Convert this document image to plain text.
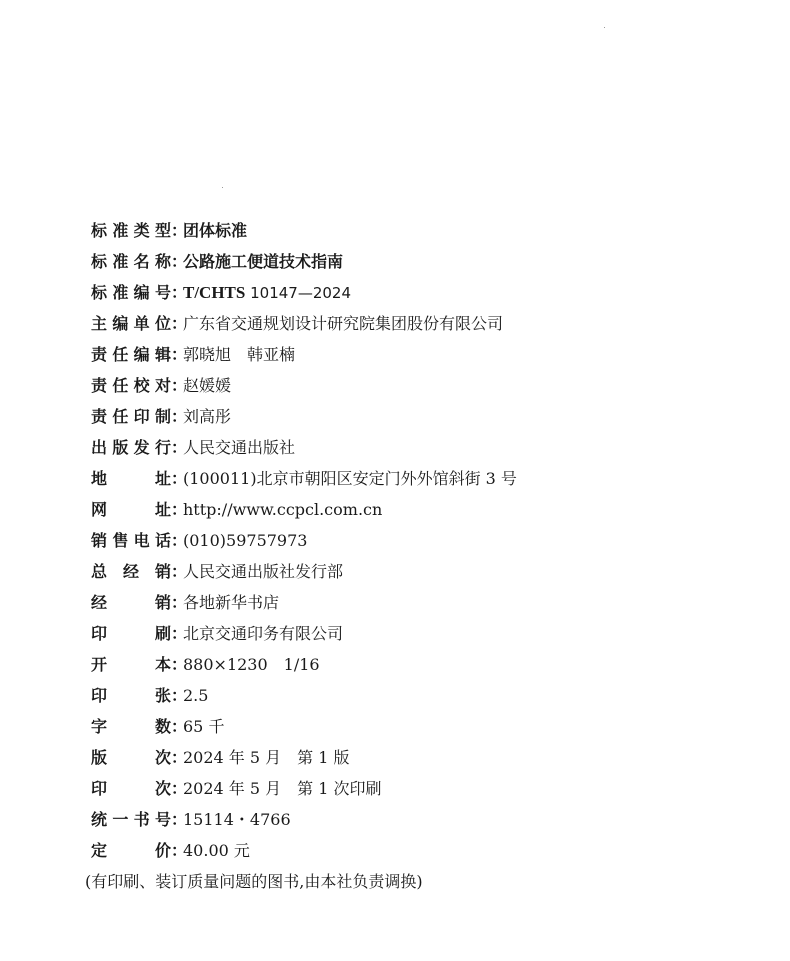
标 准 类 型 ：
团体标准
标 准 名 称 ：
公路施工便道技术指南
标 准 编 号 ：
T/CHTS 10147—2024
主 编 单 位 ：
广东省交通规划设计研究院集团股份有限公司
责 任 编 辑 ：
郭晓旭　韩亚楠
责 任 校 对 ：
赵媛媛
责 任 印 制 ：
刘高彤
出 版 发 行 ：
人民交通出版社
地	址 ：
(100011)北京市朝阳区安定门外外馆斜街 3 号
网	址 ：
http://www.ccpcl.com.cn
销 售 电 话 ：
(010)59757973
总 经 销 ：
人民交通出版社发行部
经	销 ：
各地新华书店
印	刷 ：
北京交通印务有限公司
开	本 ：
880×1230　1/16
印	张 ：
2.5
字	数 ：
65 千
版	次 ：
2024 年 5 月　第 1 版
印	次 ：
2024 年 5 月　第 1 次印刷
统 一 书 号 ：
15114・4766
定	价 ：
40.00 元
(有印刷、装订质量问题的图书,由本社负责调换)
